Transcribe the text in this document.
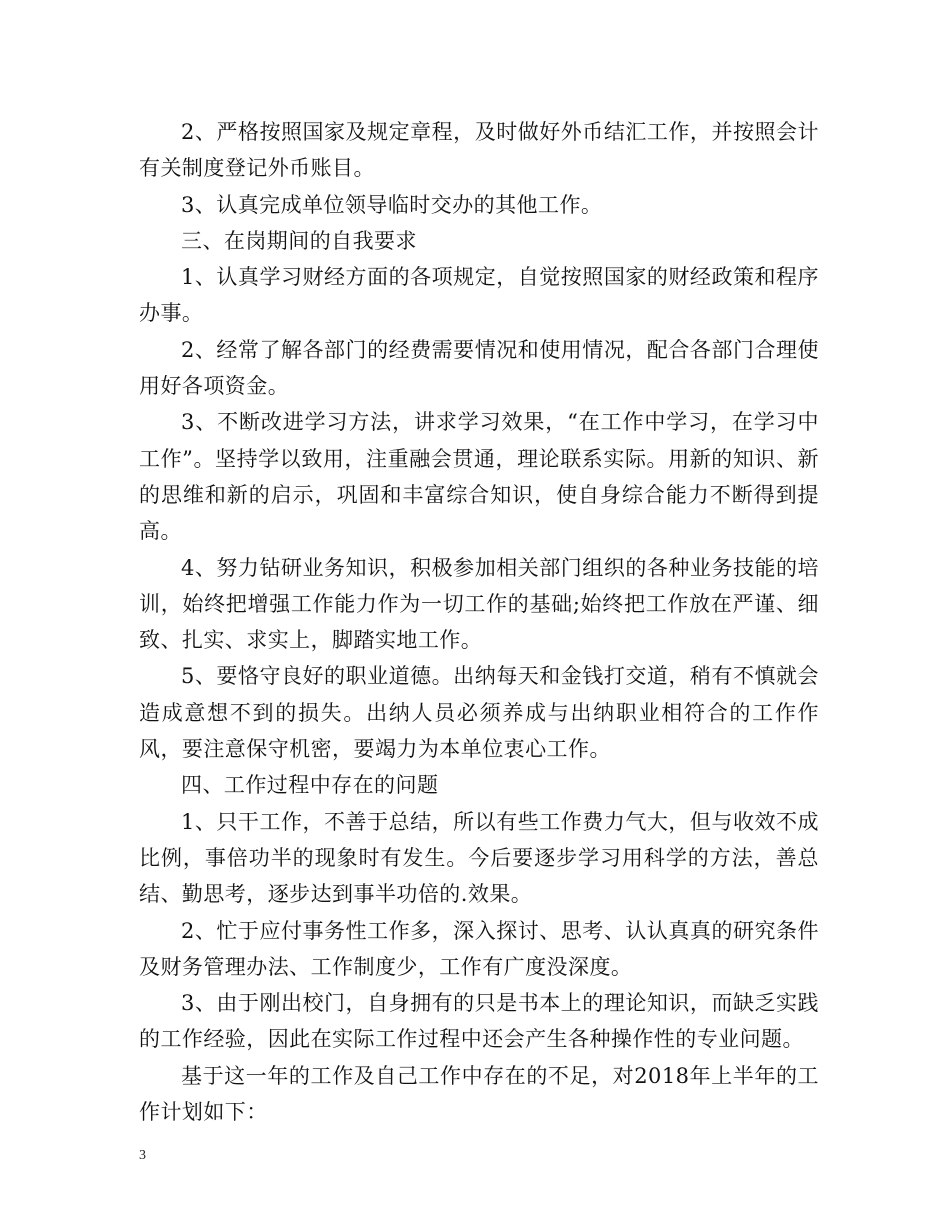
2、严格按照国家及规定章程，及时做好外币结汇工作，并按照会计有关制度登记外币账目。

3、认真完成单位领导临时交办的其他工作。

三、在岗期间的自我要求

1、认真学习财经方面的各项规定，自觉按照国家的财经政策和程序办事。

2、经常了解各部门的经费需要情况和使用情况，配合各部门合理使用好各项资金。

3、不断改进学习方法，讲求学习效果，“在工作中学习，在学习中工作”。坚持学以致用，注重融会贯通，理论联系实际。用新的知识、新的思维和新的启示，巩固和丰富综合知识，使自身综合能力不断得到提高。

4、努力钻研业务知识，积极参加相关部门组织的各种业务技能的培训，始终把增强工作能力作为一切工作的基础;始终把工作放在严谨、细致、扎实、求实上，脚踏实地工作。

5、要恪守良好的职业道德。出纳每天和金钱打交道，稍有不慎就会造成意想不到的损失。出纳人员必须养成与出纳职业相符合的工作作风，要注意保守机密，要竭力为本单位衷心工作。

四、工作过程中存在的问题

1、只干工作，不善于总结，所以有些工作费力气大，但与收效不成比例，事倍功半的现象时有发生。今后要逐步学习用科学的方法，善总结、勤思考，逐步达到事半功倍的.效果。

2、忙于应付事务性工作多，深入探讨、思考、认认真真的研究条件及财务管理办法、工作制度少，工作有广度没深度。

3、由于刚出校门，自身拥有的只是书本上的理论知识，而缺乏实践的工作经验，因此在实际工作过程中还会产生各种操作性的专业问题。

基于这一年的工作及自己工作中存在的不足，对2018年上半年的工作计划如下：

3
